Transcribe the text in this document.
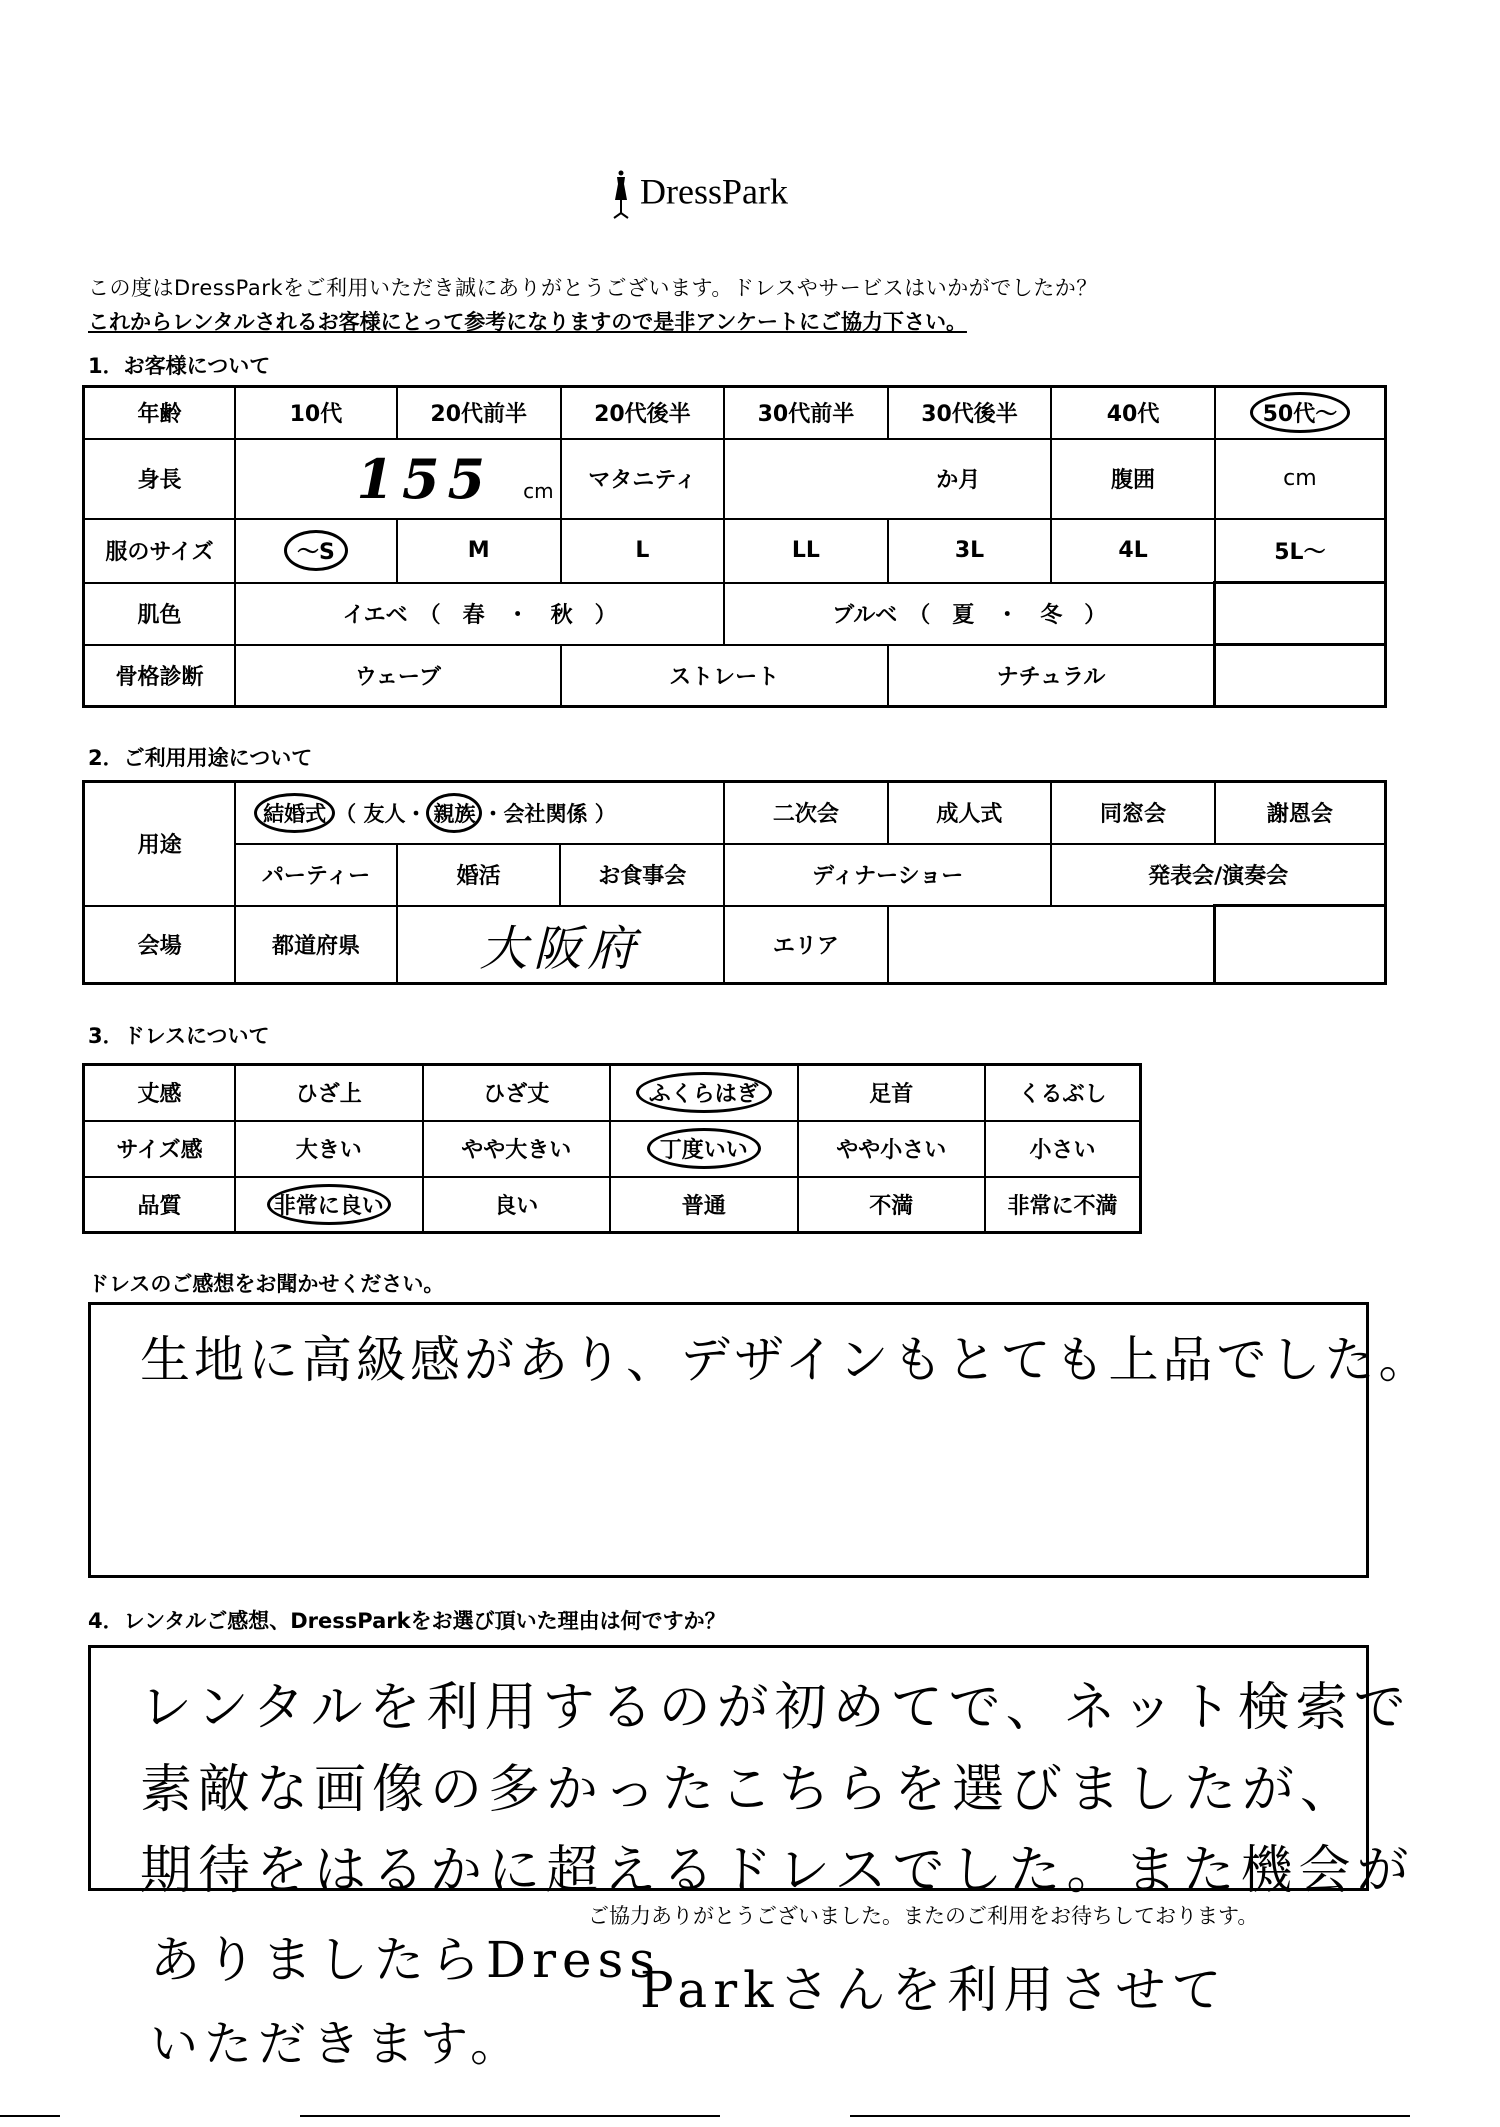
DressPark
この度はDressParkをご利用いただき誠にありがとうございます。ドレスやサービスはいかがでしたか？
これからレンタルされるお客様にとって参考になりますので是非アンケートにご協力下さい。
1．お客様について
年齢	10代	20代前半	20代後半	30代前半	30代後半	40代	50代～
身長	155 cm		マタニティ	か月		腹囲	cm
服のサイズ	～S	M	L	LL	3L	4L	5L～
肌色	イエベ　（　春　・　秋　）			ブルベ　（　夏　・　冬　）			
骨格診断	ウェーブ		ストレート		ナチュラル		
2．ご利用用途について
用途	結婚式 （ 友人・ 親族 ・会社関係 ）			二次会	成人式	同窓会	謝恩会
	パーティー	婚活	お食事会	ディナーショー		発表会/演奏会	
会場	都道府県	大阪府		エリア			
3．ドレスについて
丈感	ひざ上	ひざ丈	ふくらはぎ	足首	くるぶし
サイズ感	大きい	やや大きい	丁度いい	やや小さい	小さい
品質	非常に良い	良い	普通	不満	非常に不満
ドレスのご感想をお聞かせください。
生地に高級感があり、デザインもとても上品でした。
4．レンタルご感想、DressParkをお選び頂いた理由は何ですか？
レンタルを利用するのが初めてで、ネット検索で
素敵な画像の多かったこちらを選びましたが、
期待をはるかに超えるドレスでした。また機会が
ご協力ありがとうございました。またのご利用をお待ちしております。
ありましたらDress
Parkさんを利用させて
いただきます。
